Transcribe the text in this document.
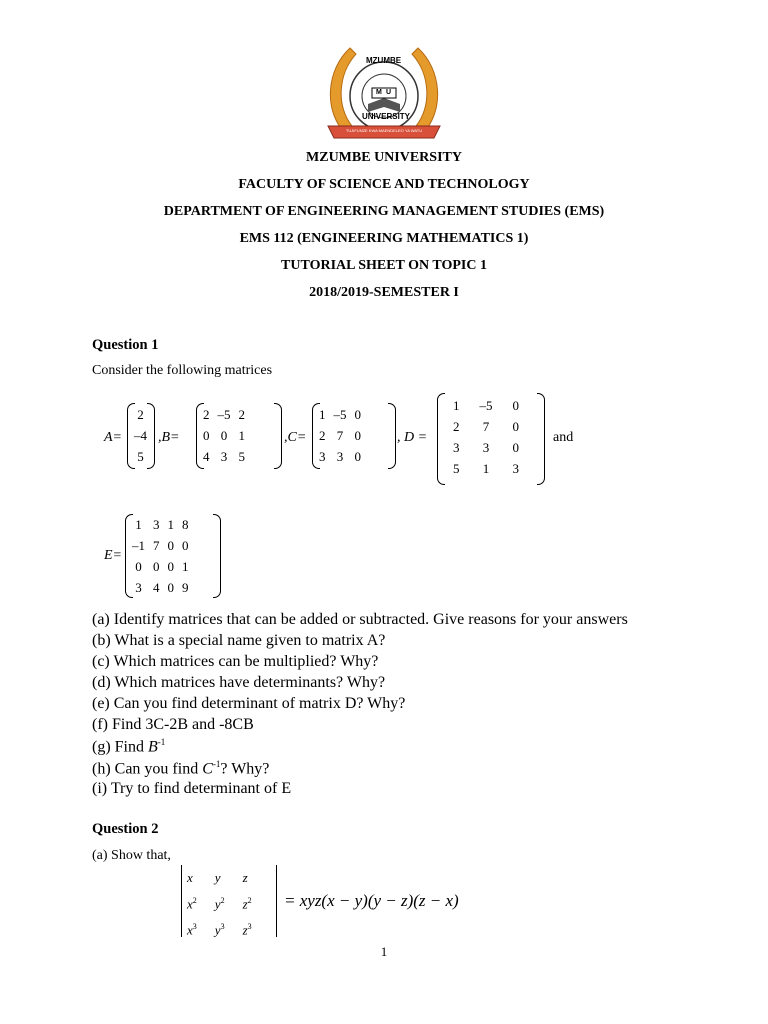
MZUMBE
M U
UNIVERSITY
TUJIFUNZE KWA MAENDELEO YA WATU
MZUMBE UNIVERSITY
FACULTY OF SCIENCE AND TECHNOLOGY
DEPARTMENT OF ENGINEERING MANAGEMENT STUDIES (EMS)
EMS 112 (ENGINEERING MATHEMATICS 1)
TUTORIAL SHEET ON TOPIC 1
2018/2019-SEMESTER I
Question 1
Consider the following matrices
A=
2
–4
5
,B=
2	–5	2
0	0	1
4	3	5
,C=
1	–5	0
2	7	0
3	3	0
, D =
1	–5	0
2	7	0
3	3	0
5	1	3
and
E=
1	3	1	8
–1	7	0	0
0	0	0	1
3	4	0	9
(a) Identify matrices that can be added or subtracted. Give reasons for your answers
(b) What is a special name given to matrix A?
(c) Which matrices can be multiplied? Why?
(d) Which matrices have determinants? Why?
(e) Can you find determinant of matrix D? Why?
(f) Find 3C-2B and -8CB
(g) Find $B^{-1}$
(h) Can you find $C^{-1}$? Why?
(i) Try to find determinant of E
Question 2
(a) Show that,
x	y	z
$x^2$	$y^2$	$z^2$
$x^3$	$y^3$	$z^3$
= xyz(x − y)(y − z)(z − x)
1
